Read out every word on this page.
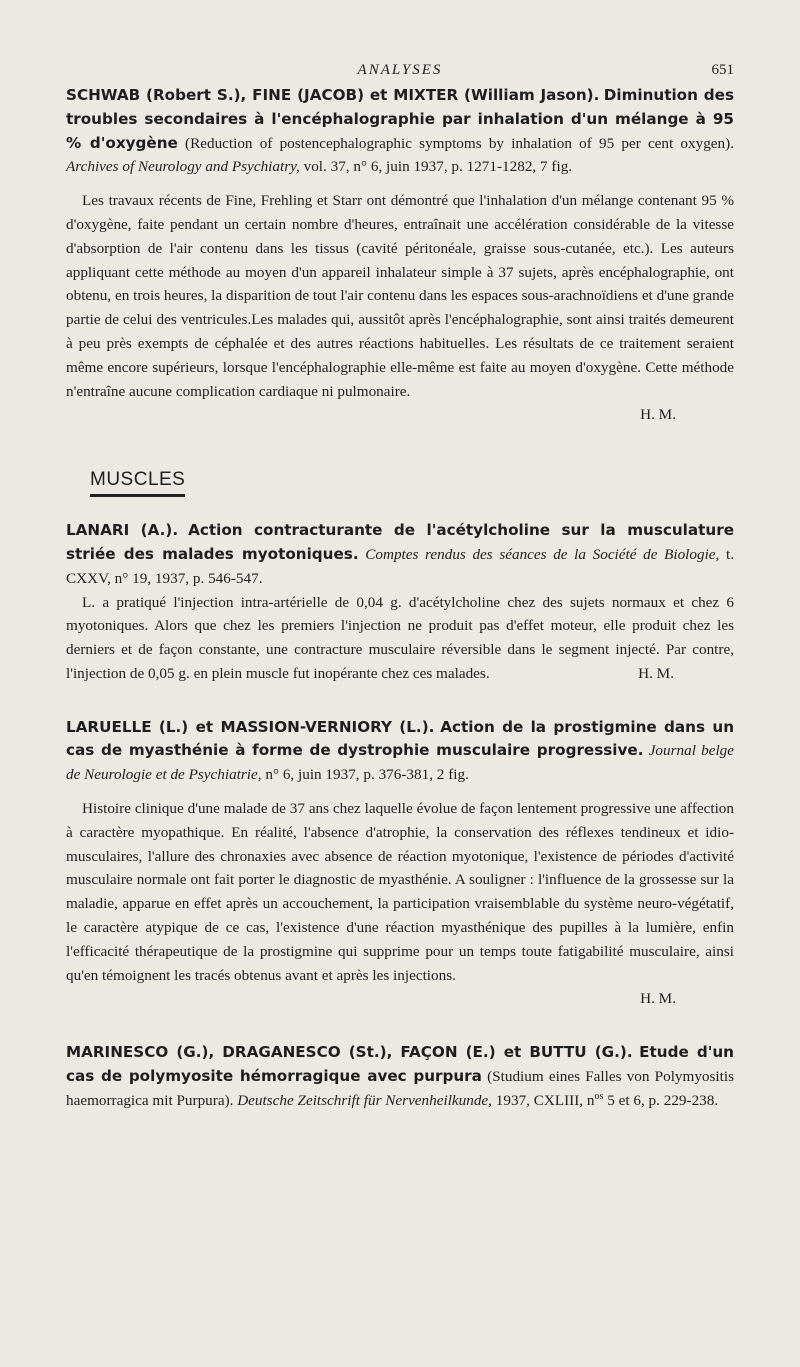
ANALYSES	651

SCHWAB (Robert S.), FINE (JACOB) et MIXTER (William Jason). Diminution des troubles secondaires à l'encéphalographie par inhalation d'un mélange à 95 % d'oxygène (Reduction of postencephalographic symptoms by inhalation of 95 per cent oxygen). Archives of Neurology and Psychiatry, vol. 37, n° 6, juin 1937, p. 1271-1282, 7 fig.

Les travaux récents de Fine, Frehling et Starr ont démontré que l'inhalation d'un mélange contenant 95 % d'oxygène, faite pendant un certain nombre d'heures, entraînait une accélération considérable de la vitesse d'absorption de l'air contenu dans les tissus (cavité péritonéale, graisse sous-cutanée, etc.). Les auteurs appliquant cette méthode au moyen d'un appareil inhalateur simple à 37 sujets, après encéphalographie, ont obtenu, en trois heures, la disparition de tout l'air contenu dans les espaces sous-arachnoïdiens et d'une grande partie de celui des ventricules.Les malades qui, aussitôt après l'encéphalographie, sont ainsi traités demeurent à peu près exempts de céphalée et des autres réactions habituelles. Les résultats de ce traitement seraient même encore supérieurs, lorsque l'encéphalographie elle-même est faite au moyen d'oxygène. Cette méthode n'entraîne aucune complication cardiaque ni pulmonaire.

H. M.
MUSCLES

LANARI (A.). Action contracturante de l'acétylcholine sur la musculature striée des malades myotoniques. Comptes rendus des séances de la Société de Biologie, t. CXXV, n° 19, 1937, p. 546-547.

L. a pratiqué l'injection intra-artérielle de 0,04 g. d'acétylcholine chez des sujets normaux et chez 6 myotoniques. Alors que chez les premiers l'injection ne produit pas d'effet moteur, elle produit chez les derniers et de façon constante, une contracture musculaire réversible dans le segment injecté. Par contre, l'injection de 0,05 g. en plein muscle fut inopérante chez ces malades.	H. M.

LARUELLE (L.) et MASSION-VERNIORY (L.). Action de la prostigmine dans un cas de myasthénie à forme de dystrophie musculaire progressive. Journal belge de Neurologie et de Psychiatrie, n° 6, juin 1937, p. 376-381, 2 fig.

Histoire clinique d'une malade de 37 ans chez laquelle évolue de façon lentement progressive une affection à caractère myopathique. En réalité, l'absence d'atrophie, la conservation des réflexes tendineux et idio-musculaires, l'allure des chronaxies avec absence de réaction myotonique, l'existence de périodes d'activité musculaire normale ont fait porter le diagnostic de myasthénie. A souligner : l'influence de la grossesse sur la maladie, apparue en effet après un accouchement, la participation vraisemblable du système neuro-végétatif, le caractère atypique de ce cas, l'existence d'une réaction myasthénique des pupilles à la lumière, enfin l'efficacité thérapeutique de la prostigmine qui supprime pour un temps toute fatigabilité musculaire, ainsi qu'en témoignent les tracés obtenus avant et après les injections.

H. M.

MARINESCO (G.), DRAGANESCO (St.), FAÇON (E.) et BUTTU (G.). Etude d'un cas de polymyosite hémorragique avec purpura (Studium eines Falles von Polymyositis haemorragica mit Purpura). Deutsche Zeitschrift für Nervenheilkunde, 1937, CXLIII, $n^{os}$ 5 et 6, p. 229-238.
